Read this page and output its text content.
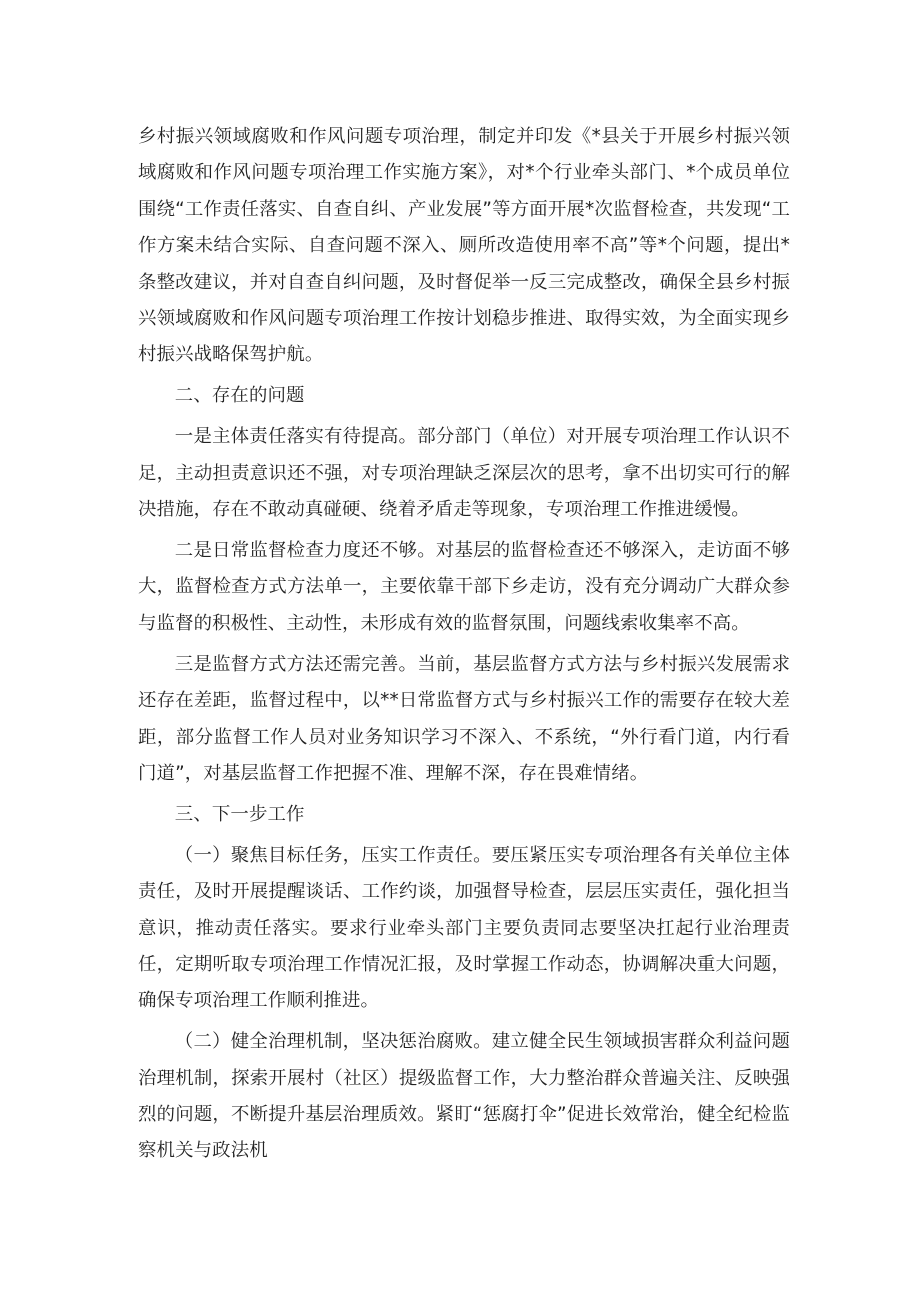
乡村振兴领域腐败和作风问题专项治理，制定并印发《*县关于开展乡村振兴领域腐败和作风问题专项治理工作实施方案》，对*个行业牵头部门、*个成员单位围绕“工作责任落实、自查自纠、产业发展”等方面开展*次监督检查，共发现“工作方案未结合实际、自查问题不深入、厕所改造使用率不高”等*个问题，提出*条整改建议，并对自查自纠问题，及时督促举一反三完成整改，确保全县乡村振兴领域腐败和作风问题专项治理工作按计划稳步推进、取得实效，为全面实现乡村振兴战略保驾护航。

二、存在的问题

一是主体责任落实有待提高。部分部门（单位）对开展专项治理工作认识不足，主动担责意识还不强，对专项治理缺乏深层次的思考，拿不出切实可行的解决措施，存在不敢动真碰硬、绕着矛盾走等现象，专项治理工作推进缓慢。

二是日常监督检查力度还不够。对基层的监督检查还不够深入，走访面不够大，监督检查方式方法单一，主要依靠干部下乡走访，没有充分调动广大群众参与监督的积极性、主动性，未形成有效的监督氛围，问题线索收集率不高。

三是监督方式方法还需完善。当前，基层监督方式方法与乡村振兴发展需求还存在差距，监督过程中，以**日常监督方式与乡村振兴工作的需要存在较大差距，部分监督工作人员对业务知识学习不深入、不系统，“外行看门道，内行看门道”，对基层监督工作把握不准、理解不深，存在畏难情绪。

三、下一步工作

（一）聚焦目标任务，压实工作责任。要压紧压实专项治理各有关单位主体责任，及时开展提醒谈话、工作约谈，加强督导检查，层层压实责任，强化担当意识，推动责任落实。要求行业牵头部门主要负责同志要坚决扛起行业治理责任，定期听取专项治理工作情况汇报，及时掌握工作动态，协调解决重大问题，确保专项治理工作顺利推进。

（二）健全治理机制，坚决惩治腐败。建立健全民生领域损害群众利益问题治理机制，探索开展村（社区）提级监督工作，大力整治群众普遍关注、反映强烈的问题，不断提升基层治理质效。紧盯“惩腐打伞”促进长效常治，健全纪检监察机关与政法机
